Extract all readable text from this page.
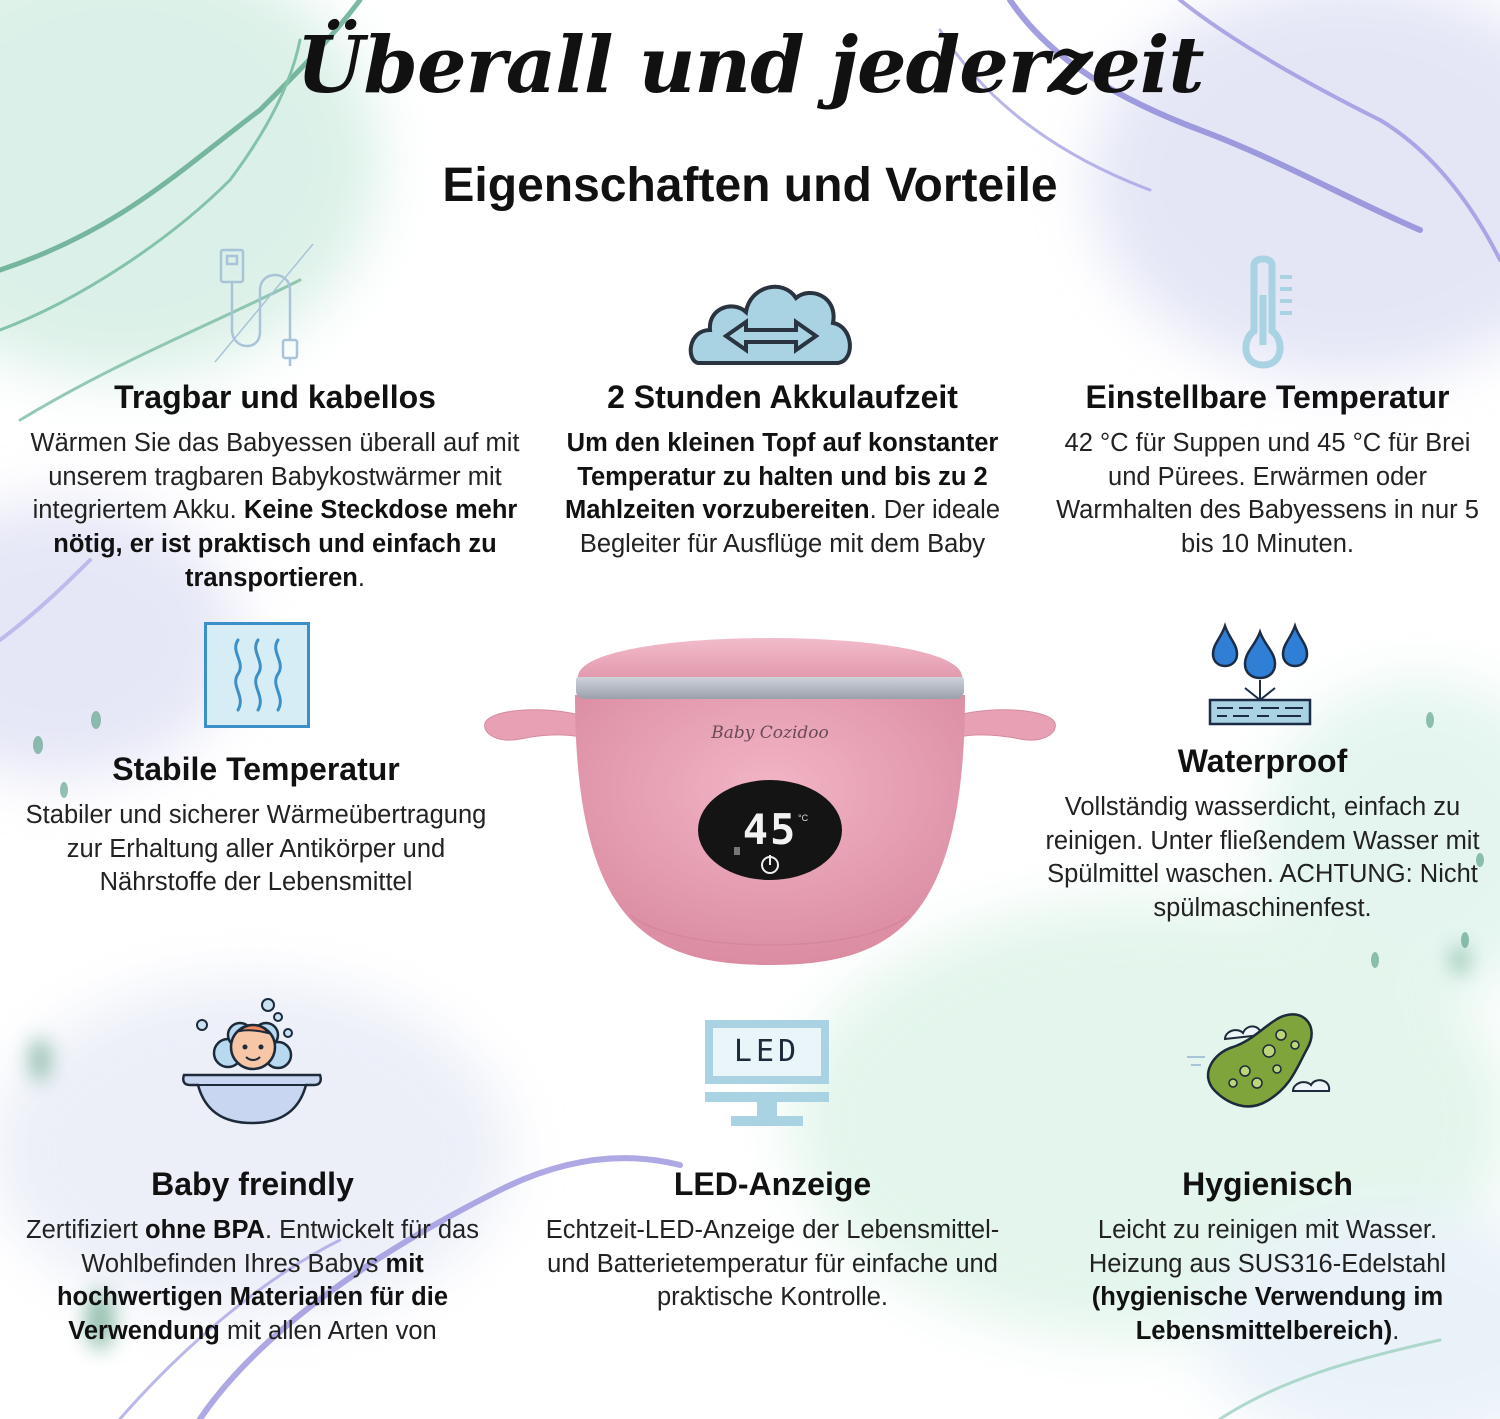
Überall und jederzeit
Eigenschaften und Vorteile
LED
Baby Cozidoo
45 °C
Tragbar und kabellos

Wärmen Sie das Babyessen überall auf mit unserem tragbaren Babykostwärmer mit integriertem Akku. Keine Steckdose mehr nötig, er ist praktisch und einfach zu transportieren.

2 Stunden Akkulaufzeit

Um den kleinen Topf auf konstanter Temperatur zu halten und bis zu 2 Mahlzeiten vorzubereiten. Der ideale Begleiter für Ausflüge mit dem Baby

Einstellbare Temperatur

42 °C für Suppen und 45 °C für Brei und Pürees. Erwärmen oder Warmhalten des Babyessens in nur 5 bis 10 Minuten.

Stabile Temperatur

Stabiler und sicherer Wärmeübertragung zur Erhaltung aller Antikörper und Nährstoffe der Lebensmittel

Waterproof

Vollständig wasserdicht, einfach zu reinigen. Unter fließendem Wasser mit Spülmittel waschen. ACHTUNG: Nicht spülmaschinenfest.

Baby freindly

Zertifiziert ohne BPA. Entwickelt für das Wohlbefinden Ihres Babys mit hochwertigen Materialien für die Verwendung mit allen Arten von

LED-Anzeige

Echtzeit-LED-Anzeige der Lebensmittel- und Batterietemperatur für einfache und praktische Kontrolle.

Hygienisch

Leicht zu reinigen mit Wasser. Heizung aus SUS316-Edelstahl (hygienische Verwendung im Lebensmittelbereich).
